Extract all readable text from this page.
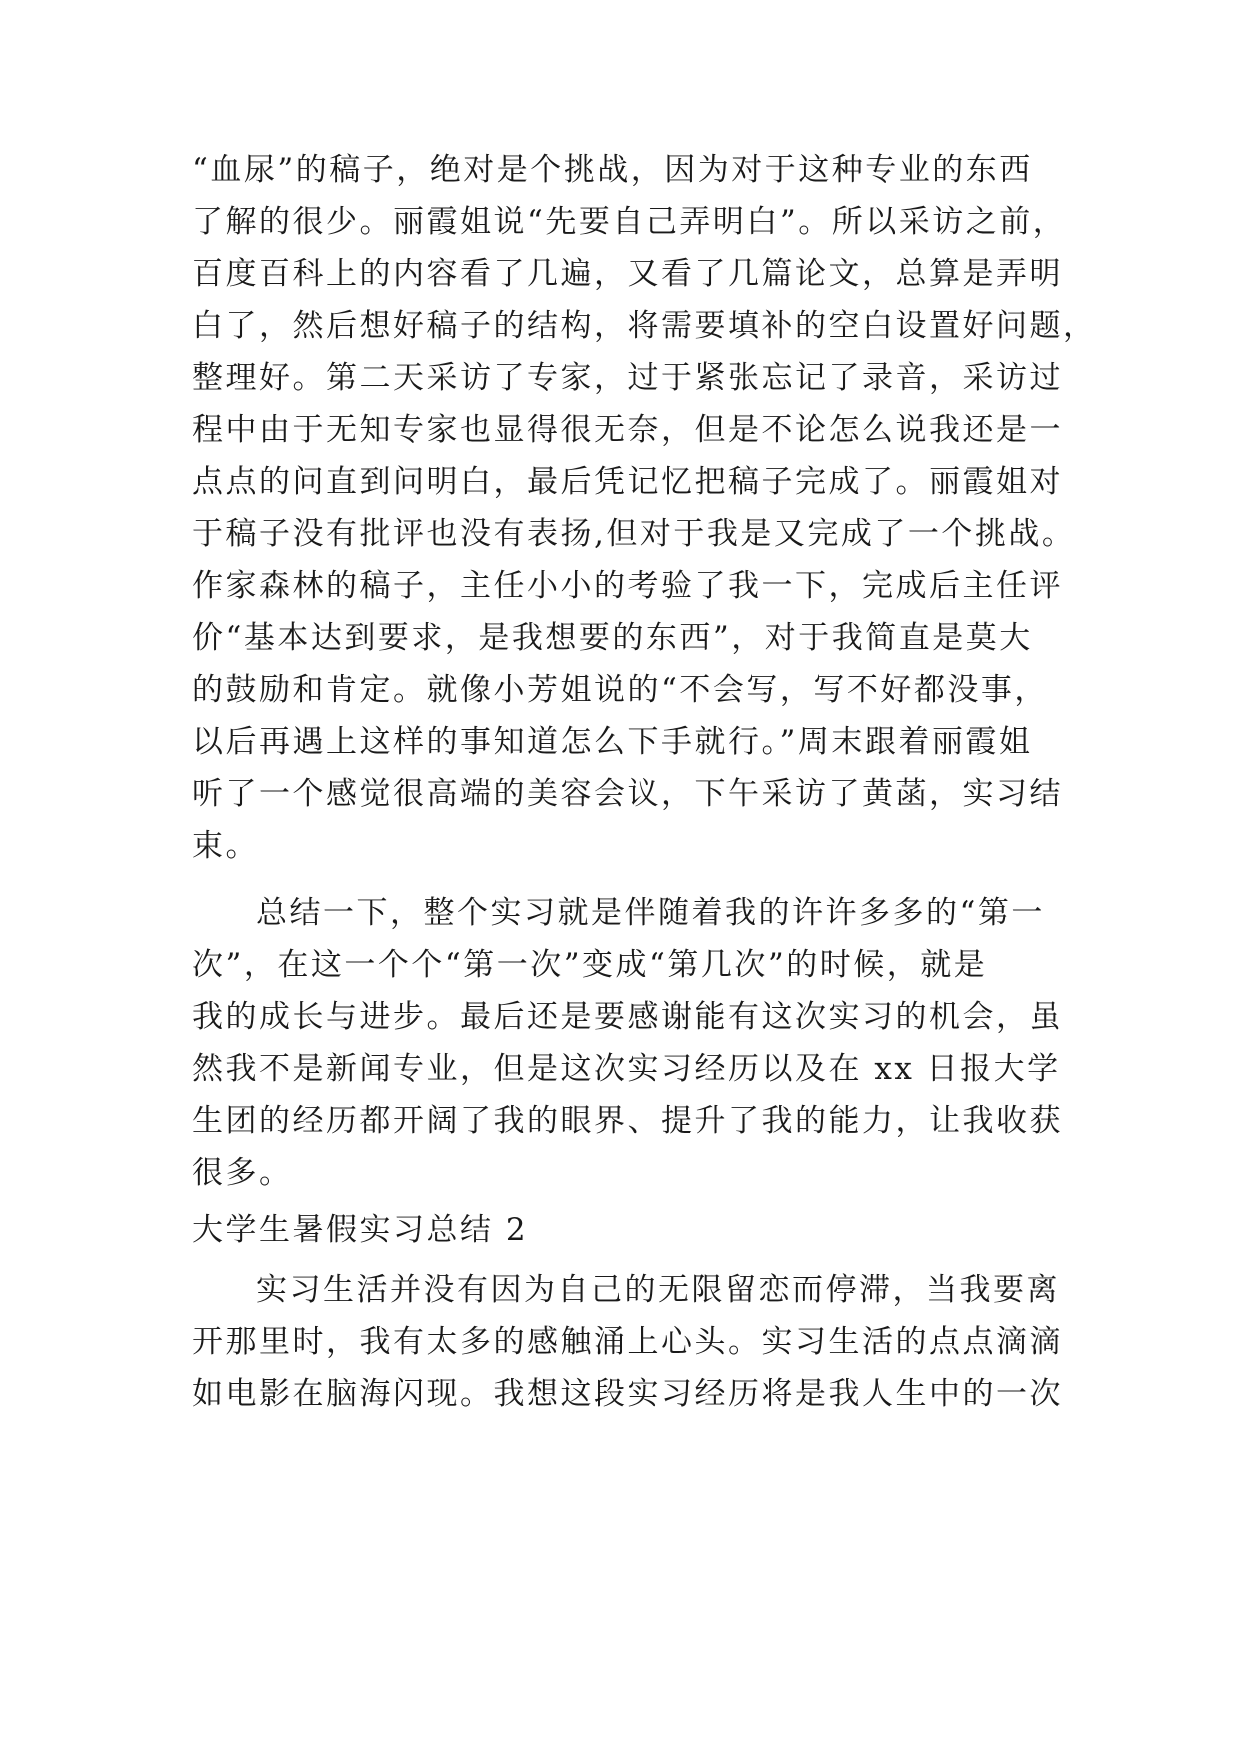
“血尿”的稿子，绝对是个挑战，因为对于这种专业的东西
了解的很少。丽霞姐说“先要自己弄明白”。所以采访之前，
百度百科上的内容看了几遍，又看了几篇论文，总算是弄明
白了，然后想好稿子的结构，将需要填补的空白设置好问题，
整理好。第二天采访了专家，过于紧张忘记了录音，采访过
程中由于无知专家也显得很无奈，但是不论怎么说我还是一
点点的问直到问明白，最后凭记忆把稿子完成了。丽霞姐对
于稿子没有批评也没有表扬,但对于我是又完成了一个挑战。
作家森林的稿子，主任小小的考验了我一下，完成后主任评
价“基本达到要求，是我想要的东西”，对于我简直是莫大
的鼓励和肯定。就像小芳姐说的“不会写，写不好都没事，
以后再遇上这样的事知道怎么下手就行。”周末跟着丽霞姐
听了一个感觉很高端的美容会议，下午采访了黄菡，实习结
束。
总结一下，整个实习就是伴随着我的许许多多的“第一
次”，在这一个个“第一次”变成“第几次”的时候，就是
我的成长与进步。最后还是要感谢能有这次实习的机会，虽
然我不是新闻专业，但是这次实习经历以及在 xx 日报大学
生团的经历都开阔了我的眼界、提升了我的能力，让我收获
很多。
大学生暑假实习总结 2
实习生活并没有因为自己的无限留恋而停滞，当我要离
开那里时，我有太多的感触涌上心头。实习生活的点点滴滴
如电影在脑海闪现。我想这段实习经历将是我人生中的一次
